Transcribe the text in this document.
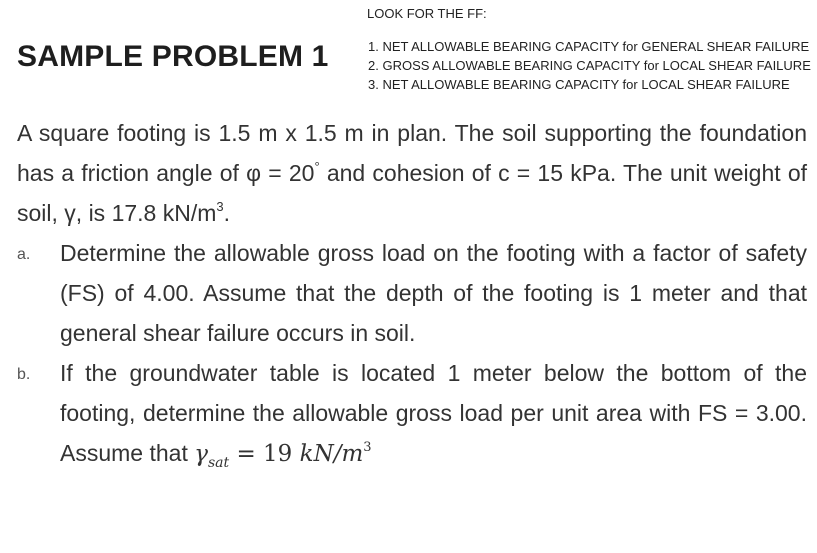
LOOK FOR THE FF:
1. NET ALLOWABLE BEARING CAPACITY for GENERAL SHEAR FAILURE
2. GROSS ALLOWABLE BEARING CAPACITY for LOCAL SHEAR FAILURE
3. NET ALLOWABLE BEARING CAPACITY for LOCAL SHEAR FAILURE
SAMPLE PROBLEM 1
A square footing is 1.5 m x 1.5 m in plan. The soil supporting the foundation has a friction angle of φ = 20° and cohesion of c = 15 kPa. The unit weight of soil, γ, is 17.8 $kN/m^3$.
a.	Determine the allowable gross load on the footing with a factor of safety (FS) of 4.00. Assume that the depth of the footing is 1 meter and that general shear failure occurs in soil.
b.	If the groundwater table is located 1 meter below the bottom of the footing, determine the allowable gross load per unit area with FS = 3.00. Assume that $\gamma_{sat} = 19$ $kN/m^3$
